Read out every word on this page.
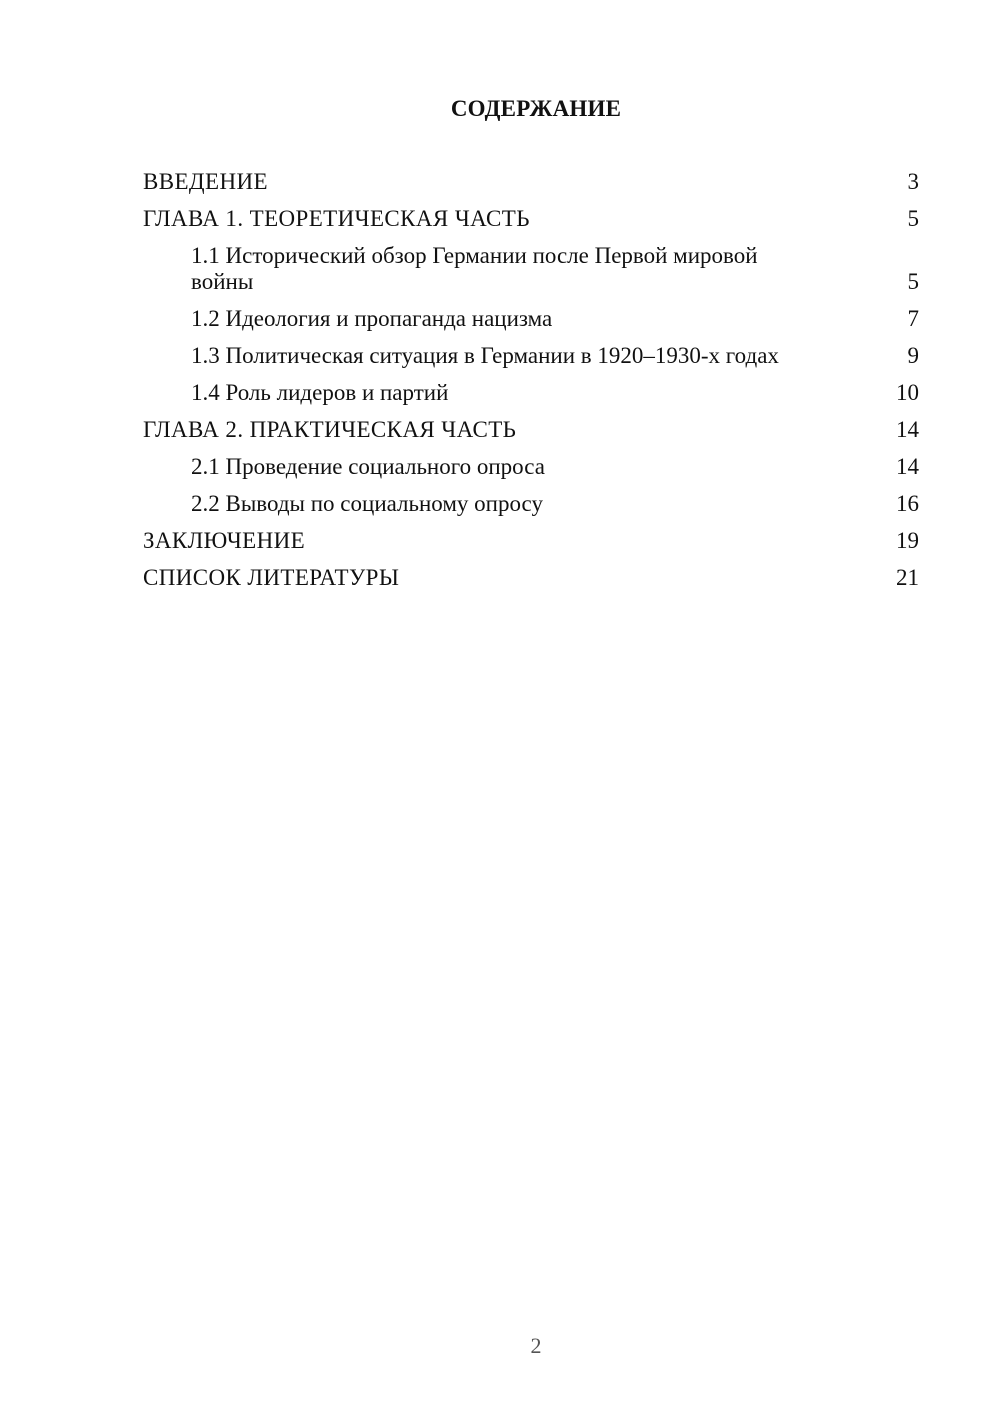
СОДЕРЖАНИЕ
ВВЕДЕНИЕ	3
ГЛАВА 1. ТЕОРЕТИЧЕСКАЯ ЧАСТЬ	5
1.1 Исторический обзор Германии после Первой мировой войны	5
1.2 Идеология и пропаганда нацизма	7
1.3 Политическая ситуация в Германии в 1920–1930-х годах	9
1.4 Роль лидеров и партий	10
ГЛАВА 2. ПРАКТИЧЕСКАЯ ЧАСТЬ	14
2.1 Проведение социального опроса	14
2.2 Выводы по социальному опросу	16
ЗАКЛЮЧЕНИЕ	19
СПИСОК ЛИТЕРАТУРЫ	21
2
